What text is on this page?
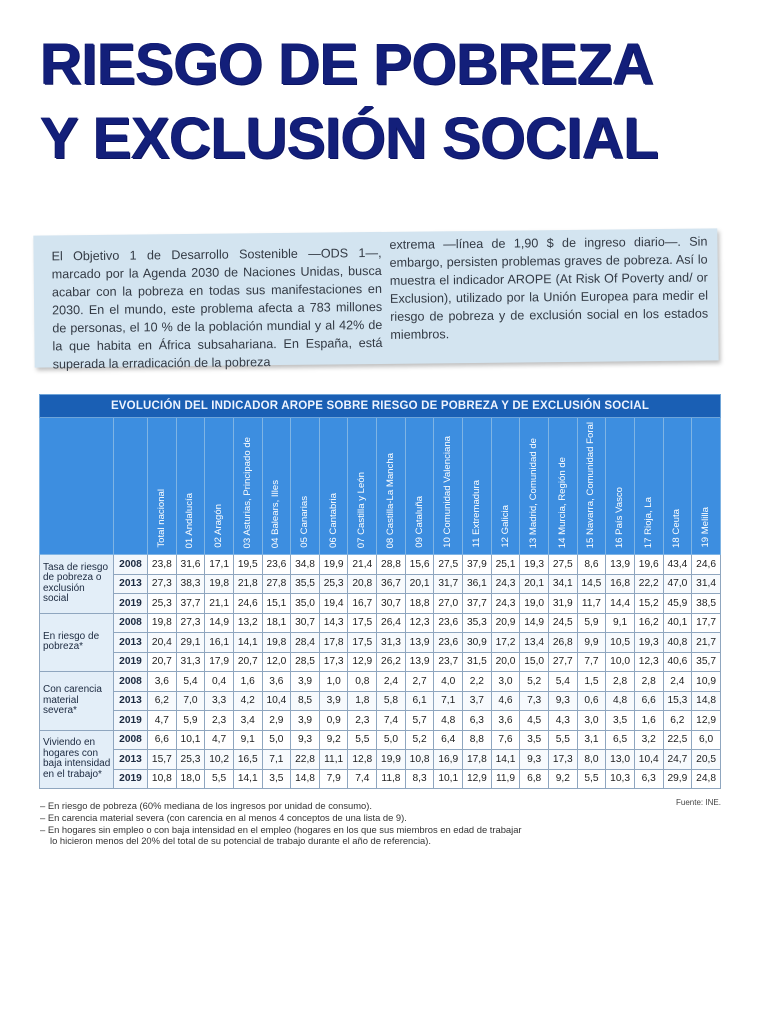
RIESGO DE POBREZA
Y EXCLUSIÓN SOCIAL
El Objetivo 1 de Desarrollo Sostenible —ODS 1—, marcado por la Agenda 2030 de Naciones Unidas, busca acabar con la pobreza en todas sus manifestaciones en 2030. En el mundo, este problema afecta a 783 millones de personas, el 10 % de la población mundial y al 42% de la que habita en África subsahariana. En España, está superada la erradicación de la pobreza
extrema —línea de 1,90 $ de ingreso diario—. Sin embargo, persisten problemas graves de pobreza. Así lo muestra el indicador AROPE (At Risk Of Poverty and/ or Exclusion), utilizado por la Unión Europea para medir el riesgo de pobreza y de exclusión social en los estados miembros.
EVOLUCIÓN DEL INDICADOR AROPE SOBRE RIESGO DE POBREZA Y DE EXCLUSIÓN SOCIAL																					

		Total nacional	01 Andalucía	02 Aragón	03 Asturias, Principado de	04 Balears, Illes	05 Canarias	06 Cantabria	07 Castilla y León	08 Castilla-La Mancha	09 Cataluña	10 Comunidad Valenciana	11 Extremadura	12 Galicia	13 Madrid, Comunidad de	14 Murcia, Región de	15 Navarra, Comunidad Foral	16 País Vasco	17 Rioja, La	18 Ceuta	19 Melilla

Tasa de riesgo de pobreza o exclusión social	2008	23,8	31,6	17,1	19,5	23,6	34,8	19,9	21,4	28,8	15,6	27,5	37,9	25,1	19,3	27,5	8,6	13,9	19,6	43,4	24,6
	2013	27,3	38,3	19,8	21,8	27,8	35,5	25,3	20,8	36,7	20,1	31,7	36,1	24,3	20,1	34,1	14,5	16,8	22,2	47,0	31,4
	2019	25,3	37,7	21,1	24,6	15,1	35,0	19,4	16,7	30,7	18,8	27,0	37,7	24,3	19,0	31,9	11,7	14,4	15,2	45,9	38,5
En riesgo de pobreza*	2008	19,8	27,3	14,9	13,2	18,1	30,7	14,3	17,5	26,4	12,3	23,6	35,3	20,9	14,9	24,5	5,9	9,1	16,2	40,1	17,7
	2013	20,4	29,1	16,1	14,1	19,8	28,4	17,8	17,5	31,3	13,9	23,6	30,9	17,2	13,4	26,8	9,9	10,5	19,3	40,8	21,7
	2019	20,7	31,3	17,9	20,7	12,0	28,5	17,3	12,9	26,2	13,9	23,7	31,5	20,0	15,0	27,7	7,7	10,0	12,3	40,6	35,7
Con carencia material severa*	2008	3,6	5,4	0,4	1,6	3,6	3,9	1,0	0,8	2,4	2,7	4,0	2,2	3,0	5,2	5,4	1,5	2,8	2,8	2,4	10,9
	2013	6,2	7,0	3,3	4,2	10,4	8,5	3,9	1,8	5,8	6,1	7,1	3,7	4,6	7,3	9,3	0,6	4,8	6,6	15,3	14,8
	2019	4,7	5,9	2,3	3,4	2,9	3,9	0,9	2,3	7,4	5,7	4,8	6,3	3,6	4,5	4,3	3,0	3,5	1,6	6,2	12,9
Viviendo en hogares con baja intensidad en el trabajo*	2008	6,6	10,1	4,7	9,1	5,0	9,3	9,2	5,5	5,0	5,2	6,4	8,8	7,6	3,5	5,5	3,1	6,5	3,2	22,5	6,0
	2013	15,7	25,3	10,2	16,5	7,1	22,8	11,1	12,8	19,9	10,8	16,9	17,8	14,1	9,3	17,3	8,0	13,0	10,4	24,7	20,5
	2019	10,8	18,0	5,5	14,1	3,5	14,8	7,9	7,4	11,8	8,3	10,1	12,9	11,9	6,8	9,2	5,5	10,3	6,3	29,9	24,8
Fuente: INE.
– En riesgo de pobreza (60% mediana de los ingresos por unidad de consumo).
– En carencia material severa (con carencia en al menos 4 conceptos de una lista de 9).
– En hogares sin empleo o con baja intensidad en el empleo (hogares en los que sus miembros en edad de trabajar
lo hicieron menos del 20% del total de su potencial de trabajo durante el año de referencia).
